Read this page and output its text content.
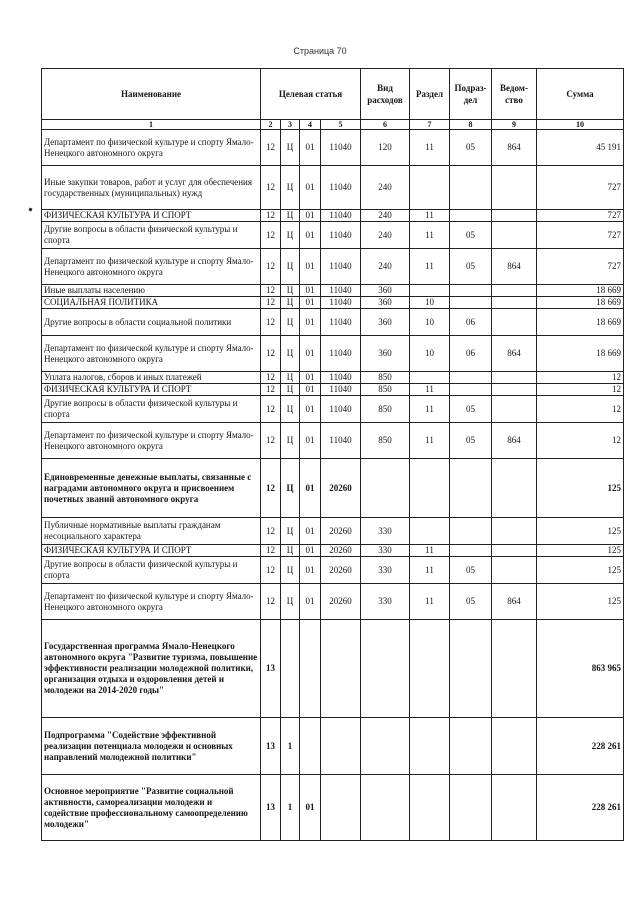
Страница 70
Наименование	Целевая статья				Вид расходов	Раздел	Подраз-дел	Ведом-ство	Сумма
1	2	3	4	5	6	7	8	9	10
Департамент по физической культуре и спорту Ямало-Ненецкого автономного округа	12	Ц	01	11040	120	11	05	864	45 191
Иные закупки товаров, работ и услуг для обеспечения государственных (муниципальных) нужд	12	Ц	01	11040	240				727
ФИЗИЧЕСКАЯ КУЛЬТУРА И СПОРТ	12	Ц	01	11040	240	11			727
Другие вопросы в области физической культуры и спорта	12	Ц	01	11040	240	11	05		727
Департамент по физической культуре и спорту Ямало-Ненецкого автономного округа	12	Ц	01	11040	240	11	05	864	727
Иные выплаты населению	12	Ц	01	11040	360				18 669
СОЦИАЛЬНАЯ ПОЛИТИКА	12	Ц	01	11040	360	10			18 669
Другие вопросы в области социальной политики	12	Ц	01	11040	360	10	06		18 669
Департамент по физической культуре и спорту Ямало-Ненецкого автономного округа	12	Ц	01	11040	360	10	06	864	18 669
Уплата налогов, сборов и иных платежей	12	Ц	01	11040	850				12
ФИЗИЧЕСКАЯ КУЛЬТУРА И СПОРТ	12	Ц	01	11040	850	11			12
Другие вопросы в области физической культуры и спорта	12	Ц	01	11040	850	11	05		12
Департамент по физической культуре и спорту Ямало-Ненецкого автономного округа	12	Ц	01	11040	850	11	05	864	12
Единовременные денежные выплаты, связанные с наградами автономного округа и присвоением почетных званий автономного округа	12	Ц	01	20260					125
Публичные нормативные выплаты гражданам несоциального характера	12	Ц	01	20260	330				125
ФИЗИЧЕСКАЯ КУЛЬТУРА И СПОРТ	12	Ц	01	20260	330	11			125
Другие вопросы в области физической культуры и спорта	12	Ц	01	20260	330	11	05		125
Департамент по физической культуре и спорту Ямало-Ненецкого автономного округа	12	Ц	01	20260	330	11	05	864	125
Государственная программа Ямало-Ненецкого автономного округа "Развитие туризма, повышение эффективности реализации молодежной политики, организация отдыха и оздоровления детей и молодежи на 2014-2020 годы"	13								863 965
Подпрограмма "Содействие эффективной реализации потенциала молодежи и основных направлений молодежной политики"	13	1							228 261
Основное мероприятие "Развитие социальной активности, самореализации молодежи и содействие профессиональному самоопределению молодежи"	13	1	01						228 261
